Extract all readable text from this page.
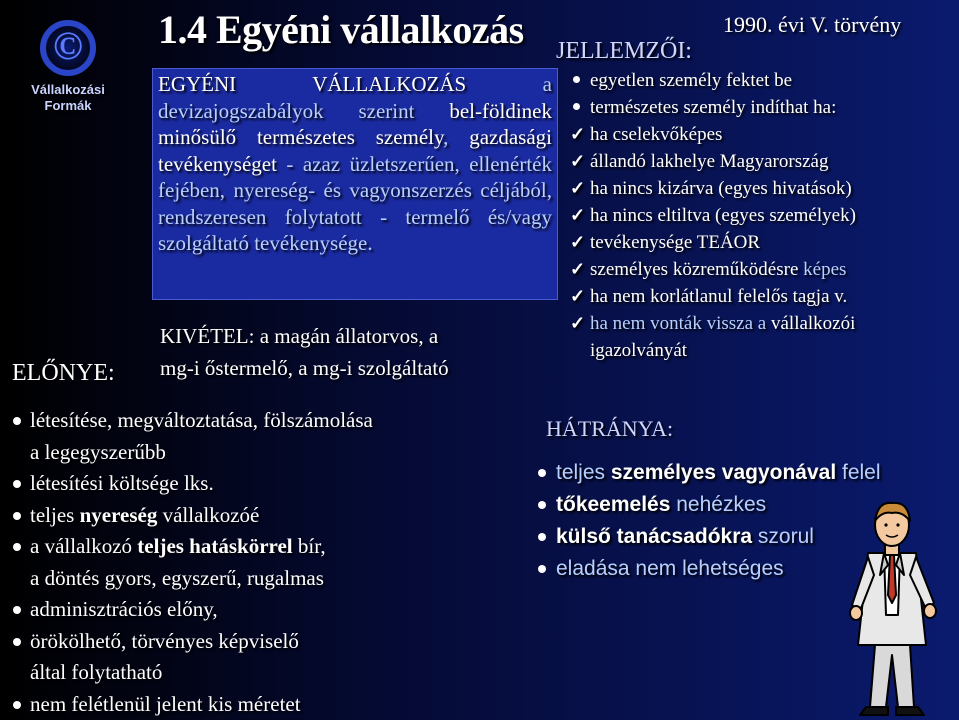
©
Vállalkozási
Formák
ELŐNYE:
1.4 Egyéni vállalkozás
EGYÉNI VÁLLALKOZÁS a devizajogszabályok szerint bel-földinek minősülő természetes személy, gazdasági tevékenységet - azaz üzletszerűen, ellenérték fejében, nyereség- és vagyonszerzés céljából, rendszeresen folytatott - termelő és/vagy szolgáltató tevékenysége.
KIVÉTEL: a magán állatorvos, a
mg-i őstermelő, a mg-i szolgáltató
létesítése, megváltoztatása, fölszámolása
a legegyszerűbb
létesítési költsége lks.
teljes nyereség vállalkozóé
a vállalkozó teljes hatáskörrel bír,
a döntés gyors, egyszerű, rugalmas
adminisztrációs előny,
örökölhető, törvényes képviselő
által folytatható
nem felétlenül jelent kis méretet
1990. évi V. törvény
JELLEMZŐI:
egyetlen személy fektet be
természetes személy indíthat ha:
✓ ha cselekvőképes
✓ állandó lakhelye Magyarország
✓ ha nincs kizárva (egyes hivatások)
✓ ha nincs eltiltva (egyes személyek)
✓ tevékenysége TEÁOR
✓ személyes közreműködésre képes
✓ ha nem korlátlanul felelős tagja v.
✓ ha nem vonták vissza a vállalkozói
igazolványát
HÁTRÁNYA:
teljes személyes vagyonával felel
tőkeemelés nehézkes
külső tanácsadókra szorul
eladása nem lehetséges
